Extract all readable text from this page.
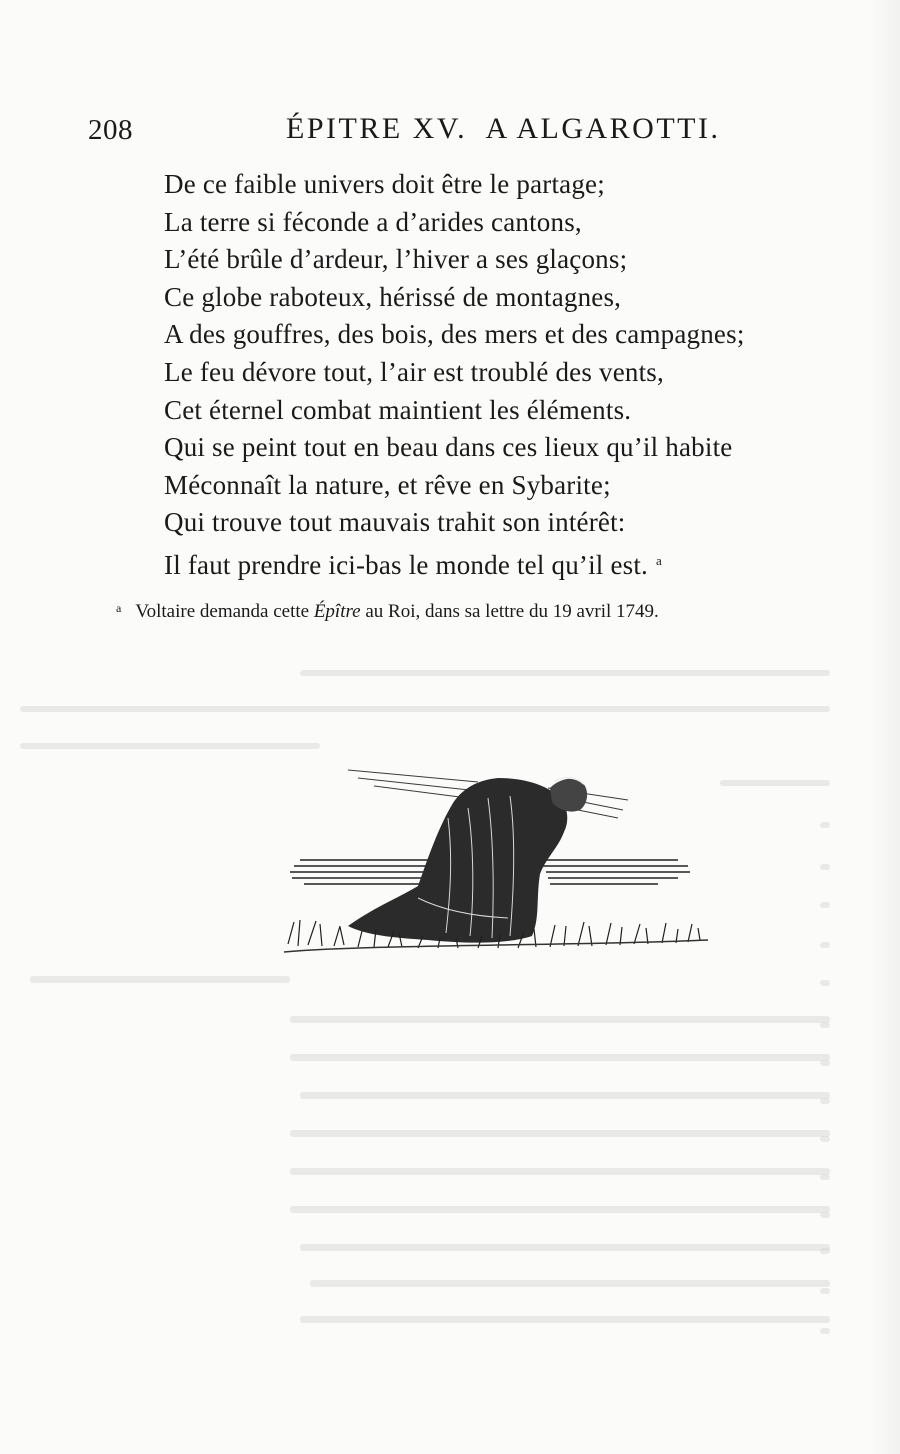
208	ÉPITRE XV.  A ALGAROTTI.
De ce faible univers doit être le partage;
La terre si féconde a d’arides cantons,
L’été brûle d’ardeur, l’hiver a ses glaçons;
Ce globe raboteux, hérissé de montagnes,
A des gouffres, des bois, des mers et des campagnes;
Le feu dévore tout, l’air est troublé des vents,
Cet éternel combat maintient les éléments.
Qui se peint tout en beau dans ces lieux qu’il habite
Méconnaît la nature, et rêve en Sybarite;
Qui trouve tout mauvais trahit son intérêt:
Il faut prendre ici-bas le monde tel qu’il est. $^a$
$^a$ Voltaire demanda cette Épître au Roi, dans sa lettre du 19 avril 1749.
